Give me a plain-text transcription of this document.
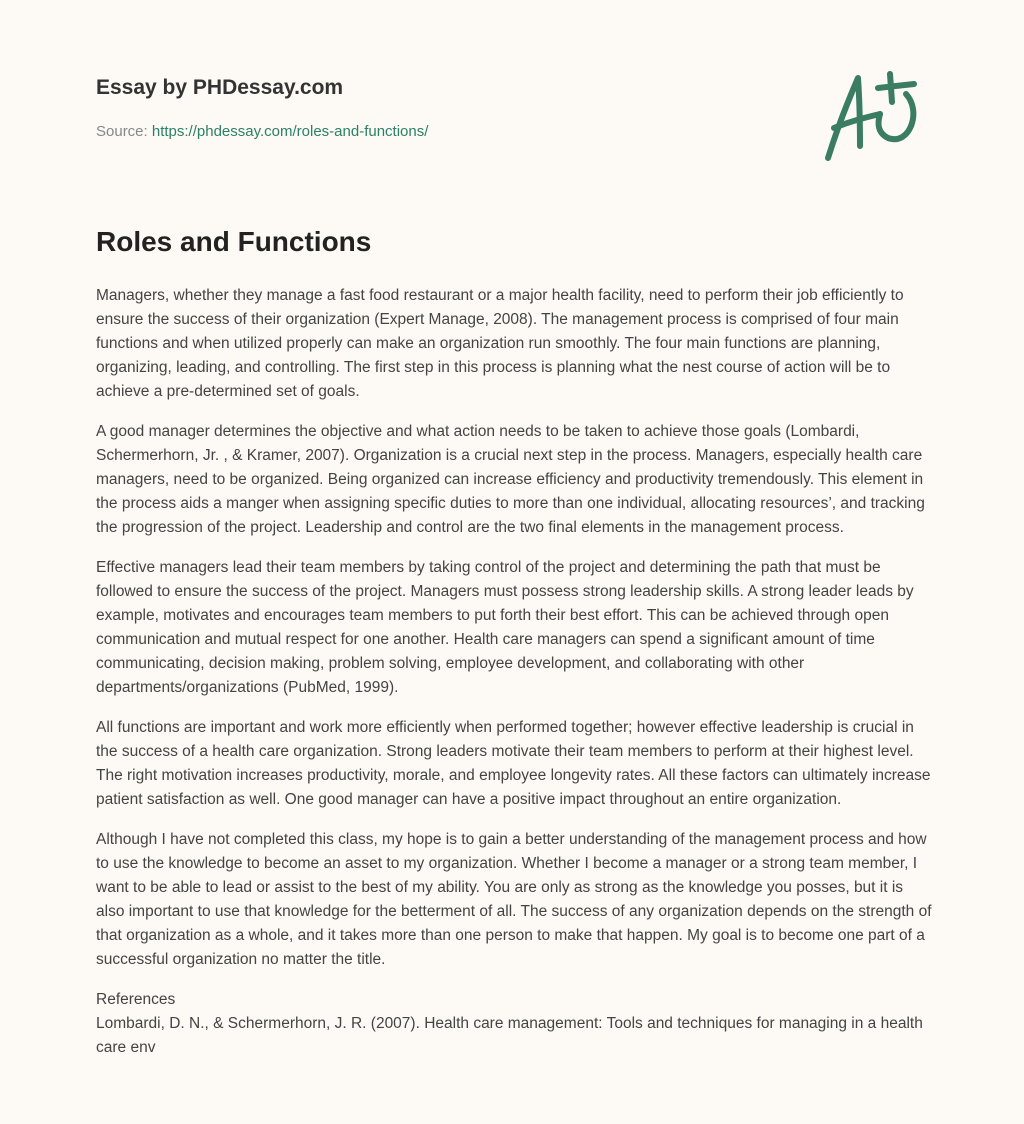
Essay by PHDessay.com
Source: https://phdessay.com/roles-and-functions/
Roles and Functions

Managers, whether they manage a fast food restaurant or a major health facility, need to perform their job efficiently to ensure the success of their organization (Expert Manage, 2008). The management process is comprised of four main functions and when utilized properly can make an organization run smoothly. The four main functions are planning, organizing, leading, and controlling. The first step in this process is planning what the nest course of action will be to achieve a pre-determined set of goals.

A good manager determines the objective and what action needs to be taken to achieve those goals (Lombardi, Schermerhorn, Jr. , & Kramer, 2007). Organization is a crucial next step in the process. Managers, especially health care managers, need to be organized. Being organized can increase efficiency and productivity tremendously. This element in the process aids a manger when assigning specific duties to more than one individual, allocating resources’, and tracking the progression of the project. Leadership and control are the two final elements in the management process.

Effective managers lead their team members by taking control of the project and determining the path that must be followed to ensure the success of the project. Managers must possess strong leadership skills. A strong leader leads by example, motivates and encourages team members to put forth their best effort. This can be achieved through open communication and mutual respect for one another. Health care managers can spend a significant amount of time communicating, decision making, problem solving, employee development, and collaborating with other departments/organizations (PubMed, 1999).

All functions are important and work more efficiently when performed together; however effective leadership is crucial in the success of a health care organization. Strong leaders motivate their team members to perform at their highest level. The right motivation increases productivity, morale, and employee longevity rates. All these factors can ultimately increase patient satisfaction as well. One good manager can have a positive impact throughout an entire organization.

Although I have not completed this class, my hope is to gain a better understanding of the management process and how to use the knowledge to become an asset to my organization. Whether I become a manager or a strong team member, I want to be able to lead or assist to the best of my ability. You are only as strong as the knowledge you posses, but it is also important to use that knowledge for the betterment of all. The success of any organization depends on the strength of that organization as a whole, and it takes more than one person to make that happen. My goal is to become one part of a successful organization no matter the title.

References

Lombardi, D. N., & Schermerhorn, J. R. (2007). Health care management: Tools and techniques for managing in a health care env
